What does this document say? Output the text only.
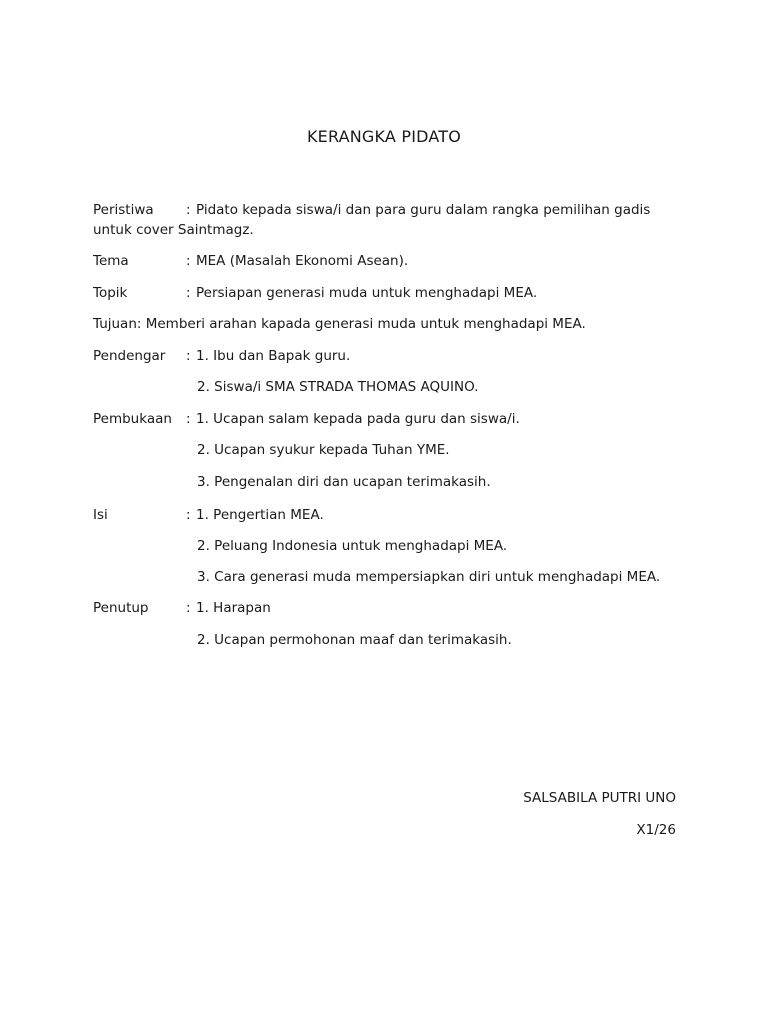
KERANGKA PIDATO
Peristiwa : Pidato kepada siswa/i dan para guru dalam rangka pemilihan gadis
untuk cover Saintmagz.
Tema	: MEA (Masalah Ekonomi Asean).
Topik	: Persiapan generasi muda untuk menghadapi MEA.
Tujuan: Memberi arahan kapada generasi muda untuk menghadapi MEA.
Pendengar : 1. Ibu dan Bapak guru.
2. Siswa/i SMA STRADA THOMAS AQUINO.
Pembukaan : 1. Ucapan salam kepada pada guru dan siswa/i.
2. Ucapan syukur kepada Tuhan YME.
3. Pengenalan diri dan ucapan terimakasih.
Isi	: 1. Pengertian MEA.
2. Peluang Indonesia untuk menghadapi MEA.
3. Cara generasi muda mempersiapkan diri untuk menghadapi MEA.
Penutup	: 1. Harapan
2. Ucapan permohonan maaf dan terimakasih.
SALSABILA PUTRI UNO
X1/26
